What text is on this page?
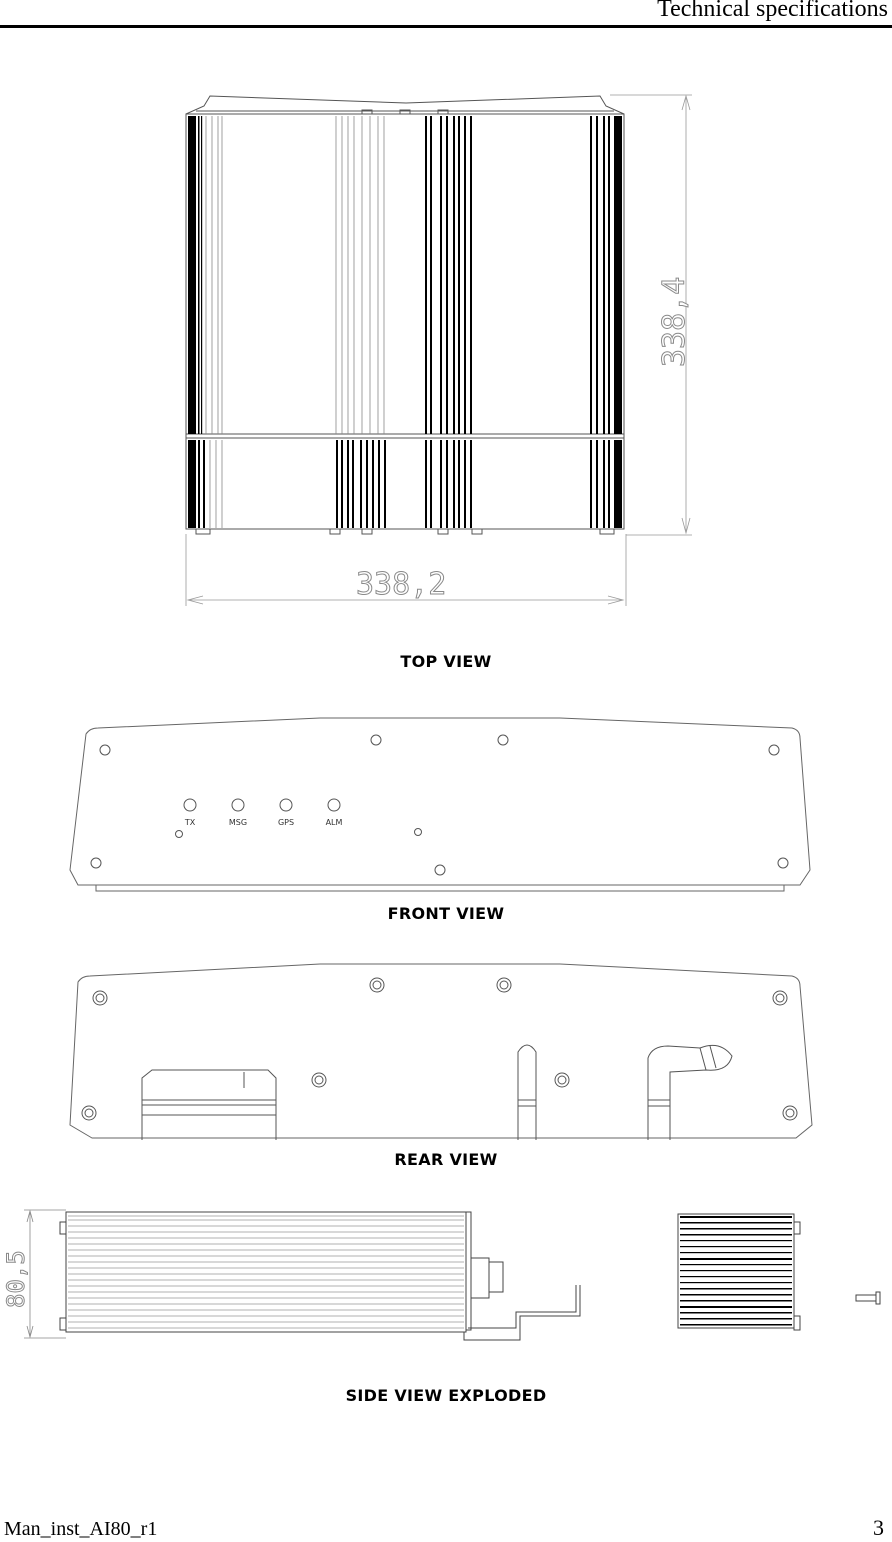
Technical specifications
338,4
338,2
TOP VIEW
TX	MSG	GPS	ALM
FRONT VIEW
REAR VIEW
80,5
SIDE VIEW EXPLODED
Man_inst_AI80_r1	3
